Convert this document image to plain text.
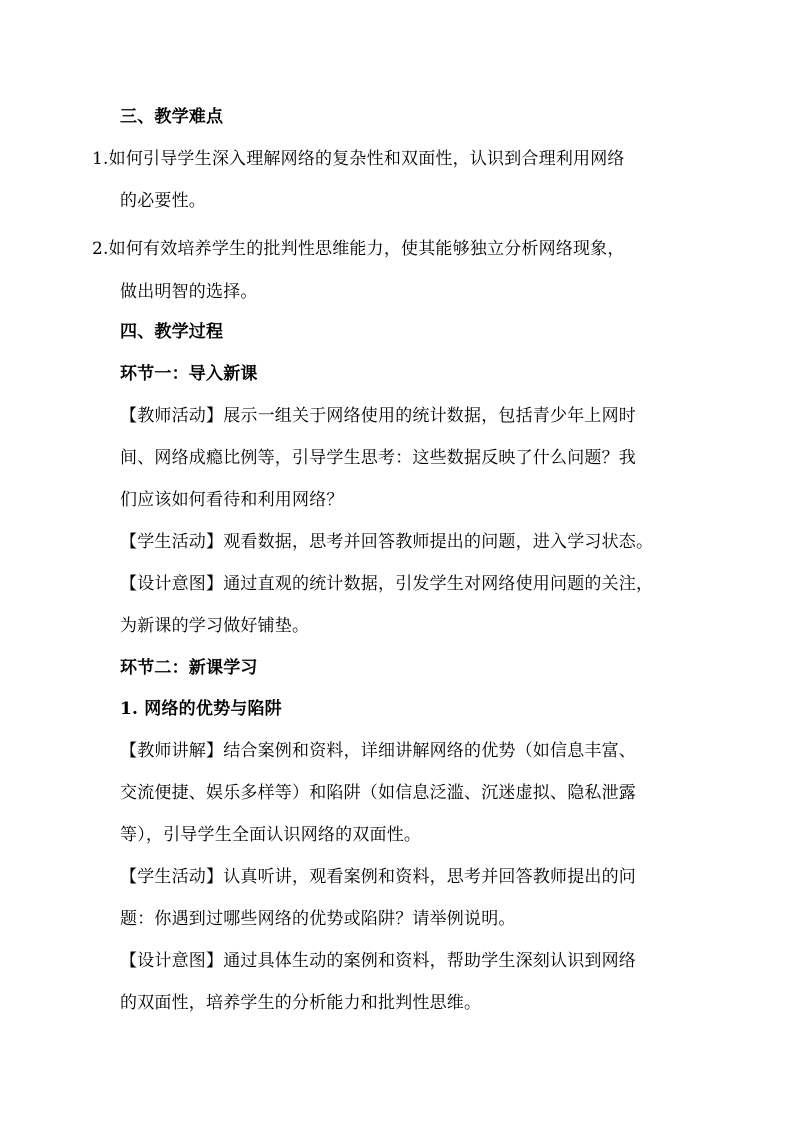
三、教学难点
1.如何引导学生深入理解网络的复杂性和双面性，认识到合理利用网络
的必要性。
2.如何有效培养学生的批判性思维能力，使其能够独立分析网络现象，
做出明智的选择。
四、教学过程
环节一：导入新课
【教师活动】展示一组关于网络使用的统计数据，包括青少年上网时
间、网络成瘾比例等，引导学生思考：这些数据反映了什么问题？我
们应该如何看待和利用网络？
【学生活动】观看数据，思考并回答教师提出的问题，进入学习状态。
【设计意图】通过直观的统计数据，引发学生对网络使用问题的关注，
为新课的学习做好铺垫。
环节二：新课学习
1. 网络的优势与陷阱
【教师讲解】结合案例和资料，详细讲解网络的优势（如信息丰富、
交流便捷、娱乐多样等）和陷阱（如信息泛滥、沉迷虚拟、隐私泄露
等），引导学生全面认识网络的双面性。
【学生活动】认真听讲，观看案例和资料，思考并回答教师提出的问
题：你遇到过哪些网络的优势或陷阱？请举例说明。
【设计意图】通过具体生动的案例和资料，帮助学生深刻认识到网络
的双面性，培养学生的分析能力和批判性思维。
